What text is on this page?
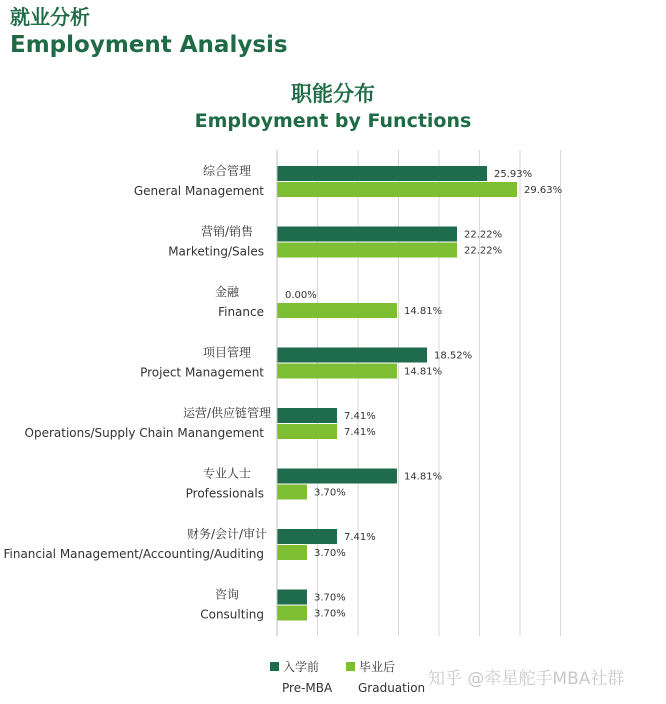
就业分析
Employment Analysis
职能分布
Employment by Functions
综合管理
General Management
25.93%
29.63%
营销/销售
Marketing/Sales
22.22%
22.22%
金融
Finance
0.00%
14.81%
项目管理
Project Management
18.52%
14.81%
运营/供应链管理
Operations/Supply Chain Manangement
7.41%
7.41%
专业人士
Professionals
14.81%
3.70%
财务/会计/审计
Financial Management/Accounting/Auditing
7.41%
3.70%
咨询
Consulting
3.70%
3.70%
入学前
Pre-MBA
毕业后
Graduation 知乎 @牵星舵手MBA社群
